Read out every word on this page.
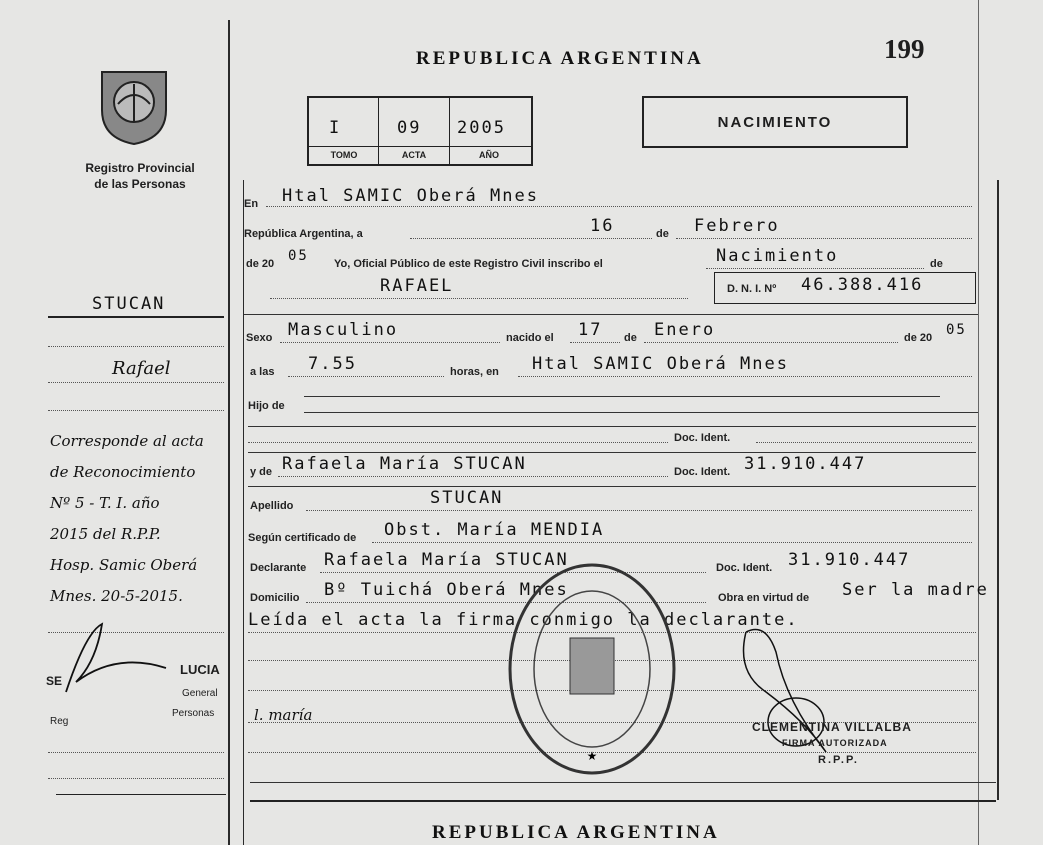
REPUBLICA ARGENTINA	199
Registro Provincial
de las Personas
I	09 2005
TOMO	ACTA	AÑO
NACIMIENTO
En Htal SAMIC Oberá Mnes
República Argentina, a	16	de Febrero
de 20 05 Yo, Oficial Público de este Registro Civil inscribo el	Nacimiento	de
RAFAEL	D. N. I. Nº 46.388.416
Sexo Masculino	nacido el 17 de Enero	de 20 05
a las 7.55	horas, en Htal SAMIC Oberá Mnes
Hijo de
Doc. Ident.
y de Rafaela María STUCAN	Doc. Ident. 31.910.447
Apellido	STUCAN
Según certificado de Obst. María MENDIA
Declarante Rafaela María STUCAN	Doc. Ident. 31.910.447
Domicilio Bº Tuichá Oberá Mnes	Obra en virtud de Ser la madre
Leída el acta la firma conmigo la declarante.
★
CLEMENTINA VILLALBA
FIRMA AUTORIZADA
R.P.P.
STUCAN
Rafael
Corresponde al acta
de Reconocimiento
Nº 5 - T. I. año
2015 del R.P.P.
Hosp. Samic Oberá
Mnes. 20-5-2015.
SE
LUCIA
General
Reg
Personas	l. maría
REPUBLICA ARGENTINA
